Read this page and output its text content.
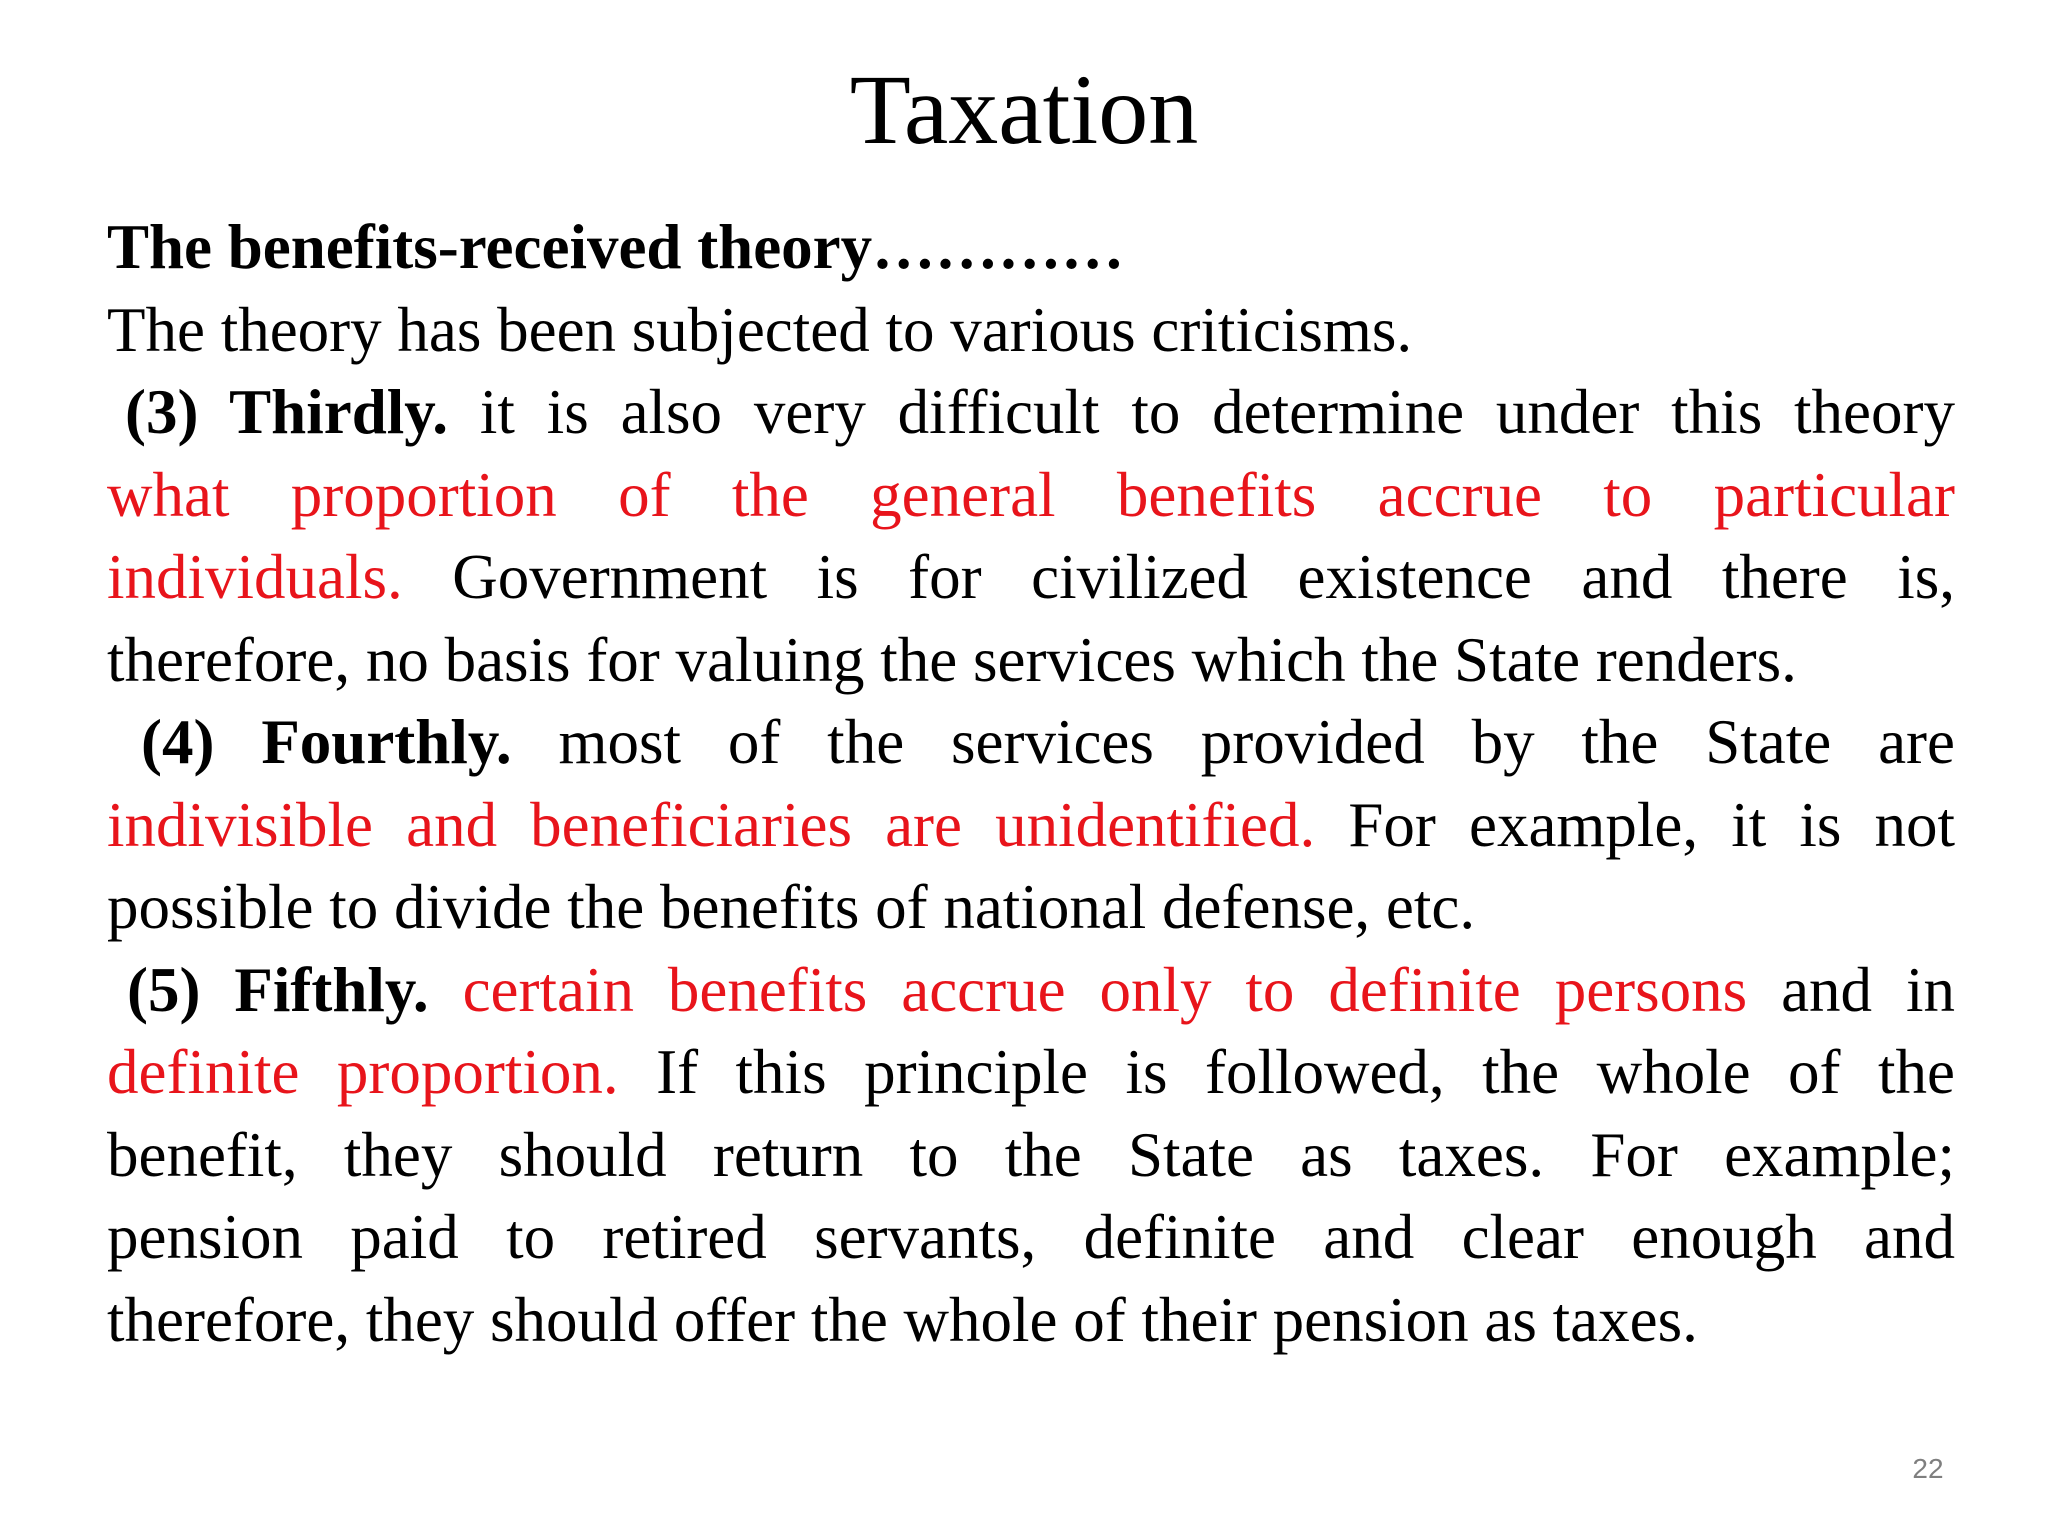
Taxation
The benefits-received theory…………
The theory has been subjected to various criticisms.
(3) Thirdly. it is also very difficult to determine under this theory
what proportion of the general benefits accrue to particular
individuals. Government is for civilized existence and there is,
therefore, no basis for valuing the services which the State renders.
(4) Fourthly. most of the services provided by the State are
indivisible and beneficiaries are unidentified. For example, it is not
possible to divide the benefits of national defense, etc.
(5) Fifthly. certain benefits accrue only to definite persons and in
definite proportion. If this principle is followed, the whole of the
benefit, they should return to the State as taxes. For example;
pension paid to retired servants, definite and clear enough and
therefore, they should offer the whole of their pension as taxes.
22
